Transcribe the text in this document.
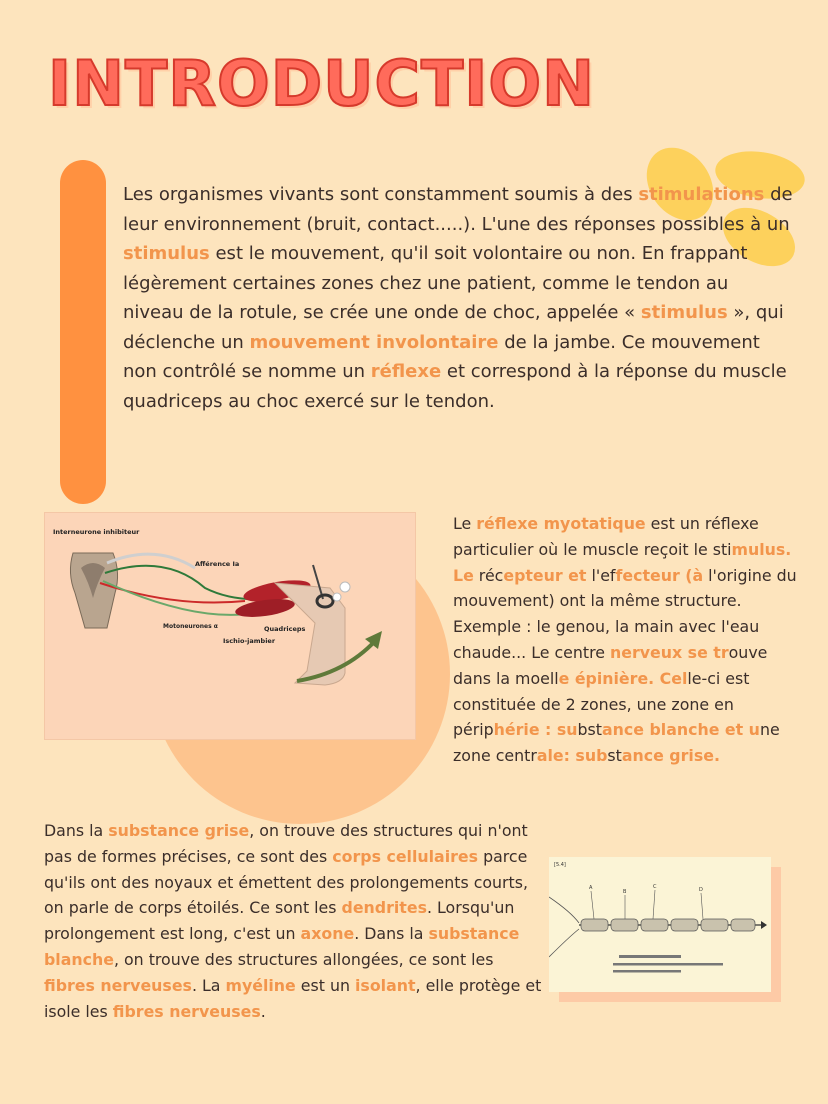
INTRODUCTION

Les organismes vivants sont constamment soumis à des stimulations de leur environnement (bruit, contact.....). L'une des réponses possibles à un stimulus est le mouvement, qu'il soit volontaire ou non. En frappant légèrement certaines zones chez une patient, comme le tendon au niveau de la rotule, se crée une onde de choc, appelée « stimulus », qui déclenche un mouvement involontaire de la jambe. Ce mouvement non contrôlé se nomme un réflexe et correspond à la réponse du muscle quadriceps au choc exercé sur le tendon.

Interneurone inhibiteur
Afférence Ia
Motoneurones α	Quadriceps
Ischio-jambier

Le réflexe myotatique est un réflexe particulier où le muscle reçoit le stimulus. Le récepteur et l'effecteur (à l'origine du mouvement) ont la même structure. Exemple : le genou, la main avec l'eau chaude... Le centre nerveux se trouve dans la moelle épinière. Celle-ci est constituée de 2 zones, une zone en périphérie : substance blanche et une zone centrale: substance grise.

Dans la substance grise, on trouve des structures qui n'ont pas de formes précises, ce sont des corps cellulaires parce qu'ils ont des noyaux et émettent des prolongements courts, on parle de corps étoilés. Ce sont les dendrites. Lorsqu'un prolongement est long, c'est un axone. Dans la substance blanche, on trouve des structures allongées, ce sont les fibres nerveuses. La myéline est un isolant, elle protège et isole les fibres nerveuses.

[5.4]
A
B
C	D
